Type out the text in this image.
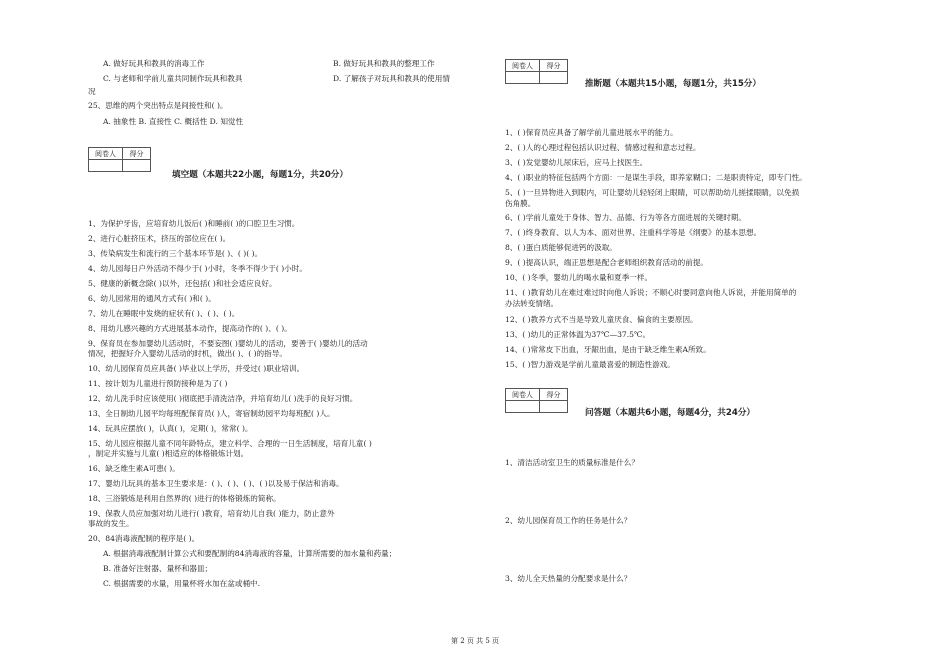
A. 做好玩具和教具的消毒工作	B. 做好玩具和教具的整理工作
C. 与老师和学前儿童共同制作玩具和教具	D. 了解孩子对玩具和教具的使用情
况
25、思维的两个突出特点是间接性和( )。
A. 抽象性 B. 直接性 C. 概括性 D. 知觉性
阅卷人	得分

填空题（本题共22小题，每题1分，共20分）
1、为保护牙齿，应培育幼儿饭后( )和睡前( )的口腔卫生习惯。
2、进行心脏挤压术，挤压的部位应在( )。
3、传染病发生和流行的三个基本环节是( )、( )( )。
4、幼儿园每日户外活动不得少于( )小时，冬季不得少于( )小时。
5、健康的新概念除( )以外，还包括( )和社会适应良好。
6、幼儿园常用的通风方式有( )和( )。
7、幼儿在睡眠中发烧的症状有( )、( )、( )。
8、用幼儿感兴趣的方式进展基本动作，提高动作的( )、( )。
9、保育员在参加婴幼儿活动时，不要妄图( )婴幼儿的活动，要善于( )婴幼儿的活动
情况，把握好介入婴幼儿活动的时机，做出( )、( )的指导。
10、幼儿园保育员应具备( )毕业以上学历，并受过( )职业培训。
11、按计划为儿童进行预防接种是为了( )
12、幼儿洗手时应该使用( )彻底把手清洗洁净，并培育幼儿( )洗手的良好习惯。
13、全日制幼儿园平均每班配保育员( )人，寄宿制幼园平均每班配( )人。
14、玩具应摆放( )，认真( )，定期( )，常常( )。
15、幼儿园应根据儿童不同年龄特点，建立科学、合理的一日生活制度，培育儿童( )
，制定并实施与儿童( )相适应的体格锻炼计划。
16、缺乏维生素A可患( )。
17、婴幼儿玩具的基本卫生要求是：( )、( )、( )、( )以及易于保洁和消毒。
18、三浴锻炼是利用自然界的( )进行的体格锻炼的简称。
19、保教人员应加强对幼儿进行( )教育，培育幼儿自我( )能力，防止意外
事故的发生。
20、84消毒液配制的程序是( )。
A. 根据消毒液配制计算公式和要配制的84消毒液的容量，计算所需要的加水量和药量；
B. 准备好注射器、量杯和器皿；
C. 根据需要的水量，用量杯将水加在盆或桶中.
阅卷人	得分

推断题（本题共15小题，每题1分，共15分）
1、( )保育员应具备了解学前儿童进展水平的能力。
2、( )人的心理过程包括认识过程、情感过程和意志过程。
3、( )发觉婴幼儿尿床后，应马上找医生。
4、( )职业的特征包括两个方面：一是谋生手段，即养家糊口；二是职责特定，即专门性。
5、( )一旦异物进入到眼内，可让婴幼儿轻轻闭上眼睛，可以帮助幼儿搓揉眼睛，以免损
伤角膜。
6、( )学前儿童处于身体、智力、品德、行为等各方面进展的关键时期。
7、( )终身教育、以人为本、面对世界、注重科学等是《纲要》的基本思想。
8、( )蛋白质能够促进钙的汲取。
9、( )提高认识，端正思想是配合老师组织教育活动的前提。
10、( )冬季，婴幼儿的喝水量和夏季一样。
11、( )教育幼儿在难过难过时向他人诉说；不顺心时要同意向他人诉说，并能用简单的
办法转变情绪。
12、( )教养方式不当是导致儿童厌食、偏食的主要原因。
13、( )幼儿的正常体温为37℃—37.5℃。
14、( )常常皮下出血，牙龈出血，是由于缺乏维生素A所致。
15、( )智力游戏是学前儿童最喜爱的制造性游戏。
阅卷人	得分

问答题（本题共6小题，每题4分，共24分）
1、清洁活动室卫生的质量标准是什么？
2、幼儿园保育员工作的任务是什么？
3、幼儿全天热量的分配要求是什么？
第 2 页 共 5 页
